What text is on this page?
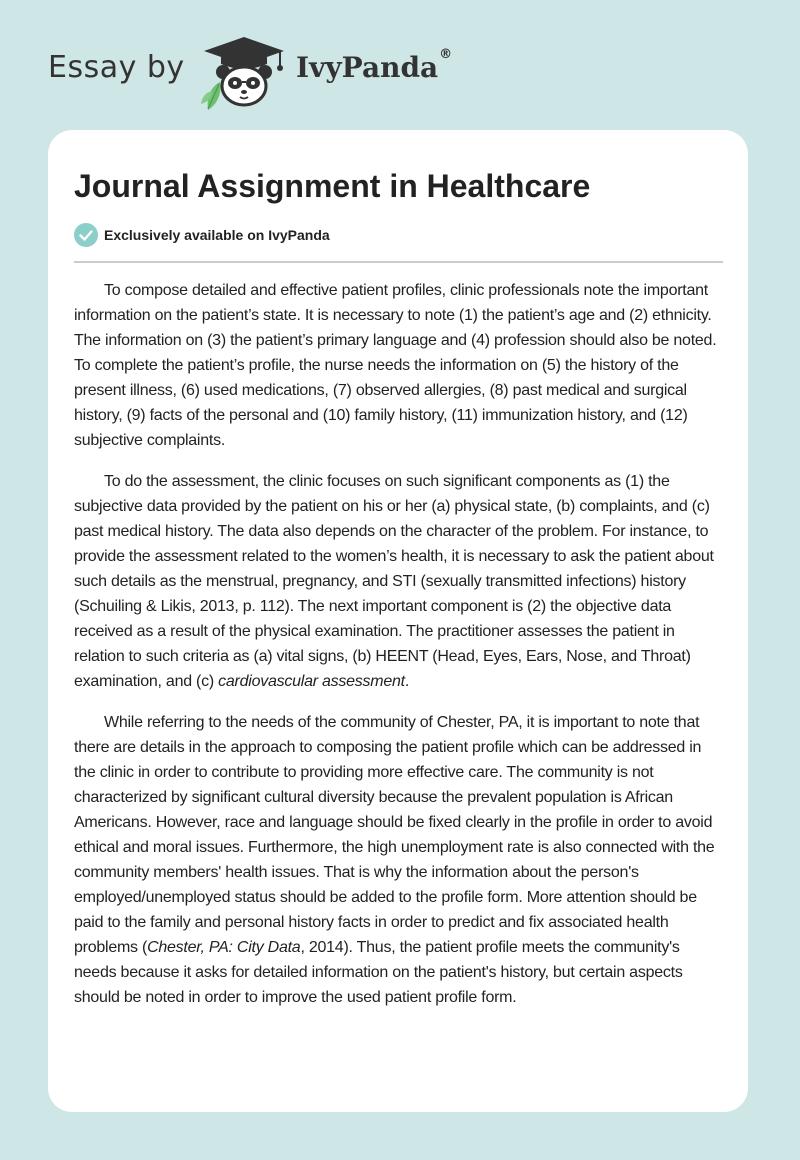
Essay by	IvyPanda®
Journal Assignment in Healthcare
Exclusively available on IvyPanda

To compose detailed and effective patient profiles, clinic professionals note the important information on the patient’s state. It is necessary to note (1) the patient’s age and (2) ethnicity. The information on (3) the patient’s primary language and (4) profession should also be noted. To complete the patient’s profile, the nurse needs the information on (5) the history of the present illness, (6) used medications, (7) observed allergies, (8) past medical and surgical history, (9) facts of the personal and (10) family history, (11) immunization history, and (12) subjective complaints.

To do the assessment, the clinic focuses on such significant components as (1) the subjective data provided by the patient on his or her (a) physical state, (b) complaints, and (c) past medical history. The data also depends on the character of the problem. For instance, to provide the assessment related to the women’s health, it is necessary to ask the patient about such details as the menstrual, pregnancy, and STI (sexually transmitted infections) history (Schuiling & Likis, 2013, p. 112). The next important component is (2) the objective data received as a result of the physical examination. The practitioner assesses the patient in relation to such criteria as (a) vital signs, (b) HEENT (Head, Eyes, Ears, Nose, and Throat) examination, and (c) cardiovascular assessment.

While referring to the needs of the community of Chester, PA, it is important to note that there are details in the approach to composing the patient profile which can be addressed in the clinic in order to contribute to providing more effective care. The community is not characterized by significant cultural diversity because the prevalent population is African Americans. However, race and language should be fixed clearly in the profile in order to avoid ethical and moral issues. Furthermore, the high unemployment rate is also connected with the community members' health issues. That is why the information about the person's employed/unemployed status should be added to the profile form. More attention should be paid to the family and personal history facts in order to predict and fix associated health problems (Chester, PA: City Data, 2014). Thus, the patient profile meets the community's needs because it asks for detailed information on the patient's history, but certain aspects should be noted in order to improve the used patient profile form.
